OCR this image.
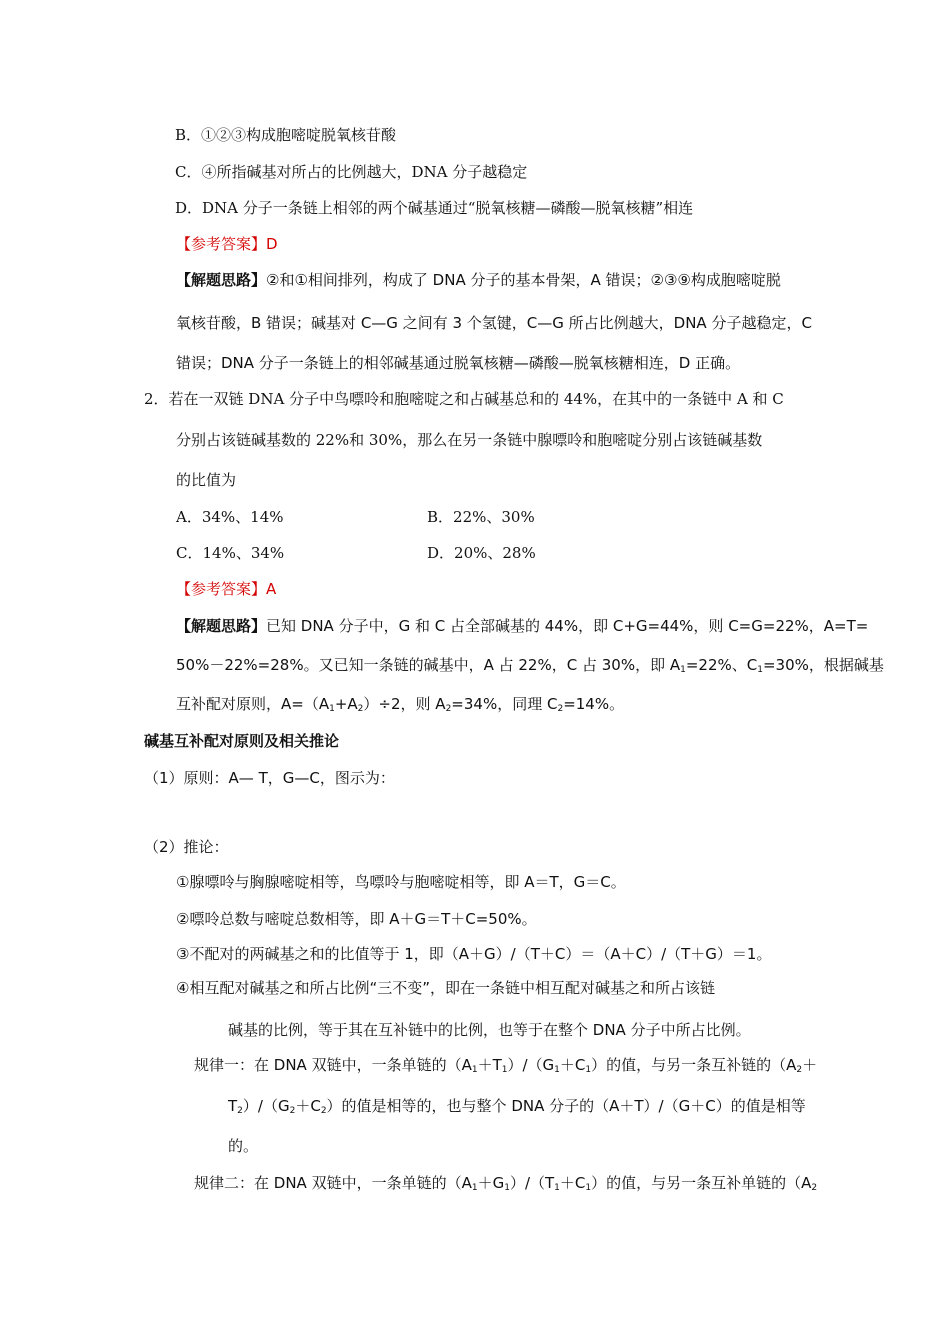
B．①②③构成胞嘧啶脱氧核苷酸
C．④所指碱基对所占的比例越大，DNA 分子越稳定
D．DNA 分子一条链上相邻的两个碱基通过“脱氧核糖—磷酸—脱氧核糖”相连
【参考答案】D
【解题思路】②和①相间排列，构成了 DNA 分子的基本骨架，A 错误；②③⑨构成胞嘧啶脱
氧核苷酸，B 错误；碱基对 C—G 之间有 3 个氢键，C—G 所占比例越大，DNA 分子越稳定，C
错误；DNA 分子一条链上的相邻碱基通过脱氧核糖—磷酸—脱氧核糖相连，D 正确。
2．若在一双链 DNA 分子中鸟嘌呤和胞嘧啶之和占碱基总和的 44%，在其中的一条链中 A 和 C
分别占该链碱基数的 22%和 30%，那么在另一条链中腺嘌呤和胞嘧啶分别占该链碱基数
的比值为
A．34%、14%	B．22%、30%
C．14%、34%	D．20%、28%
【参考答案】A
【解题思路】已知 DNA 分子中，G 和 C 占全部碱基的 44%，即 C+G=44%，则 C=G=22%，A=T=
50%－22%=28%。又已知一条链的碱基中，A 占 22%，C 占 30%，即 $A_1=22\%$、$C_1=30\%$，根据碱基
互补配对原则，$A=(A_1+A_2)\div 2$，则 $A_2=34\%$，同理 $C_2=14\%$。
碱基互补配对原则及相关推论
（1）原则：A— T，G—C，图示为：
（2）推论：
①腺嘌呤与胸腺嘧啶相等，鸟嘌呤与胞嘧啶相等，即 A＝T，G＝C。
②嘌呤总数与嘧啶总数相等，即 A＋G＝T＋C=50%。
③不配对的两碱基之和的比值等于 1，即（A＋G）/（T＋C）＝（A＋C）/（T＋G）＝1。
④相互配对碱基之和所占比例“三不变”，即在一条链中相互配对碱基之和所占该链
碱基的比例，等于其在互补链中的比例，也等于在整个 DNA 分子中所占比例。
规律一：在 DNA 双链中，一条单链的$(A_1+T_1)/(G_1+C_1)$的值，与另一条互补链的（$A_2+$
$T_2)/(G_2+C_2)$的值是相等的，也与整个 DNA 分子的（A＋T）/（G＋C）的值是相等
的。
规律二：在 DNA 双链中，一条单链的$(A_1+G_1)/(T_1+C_1)$的值，与另一条互补单链的（$A_2$
